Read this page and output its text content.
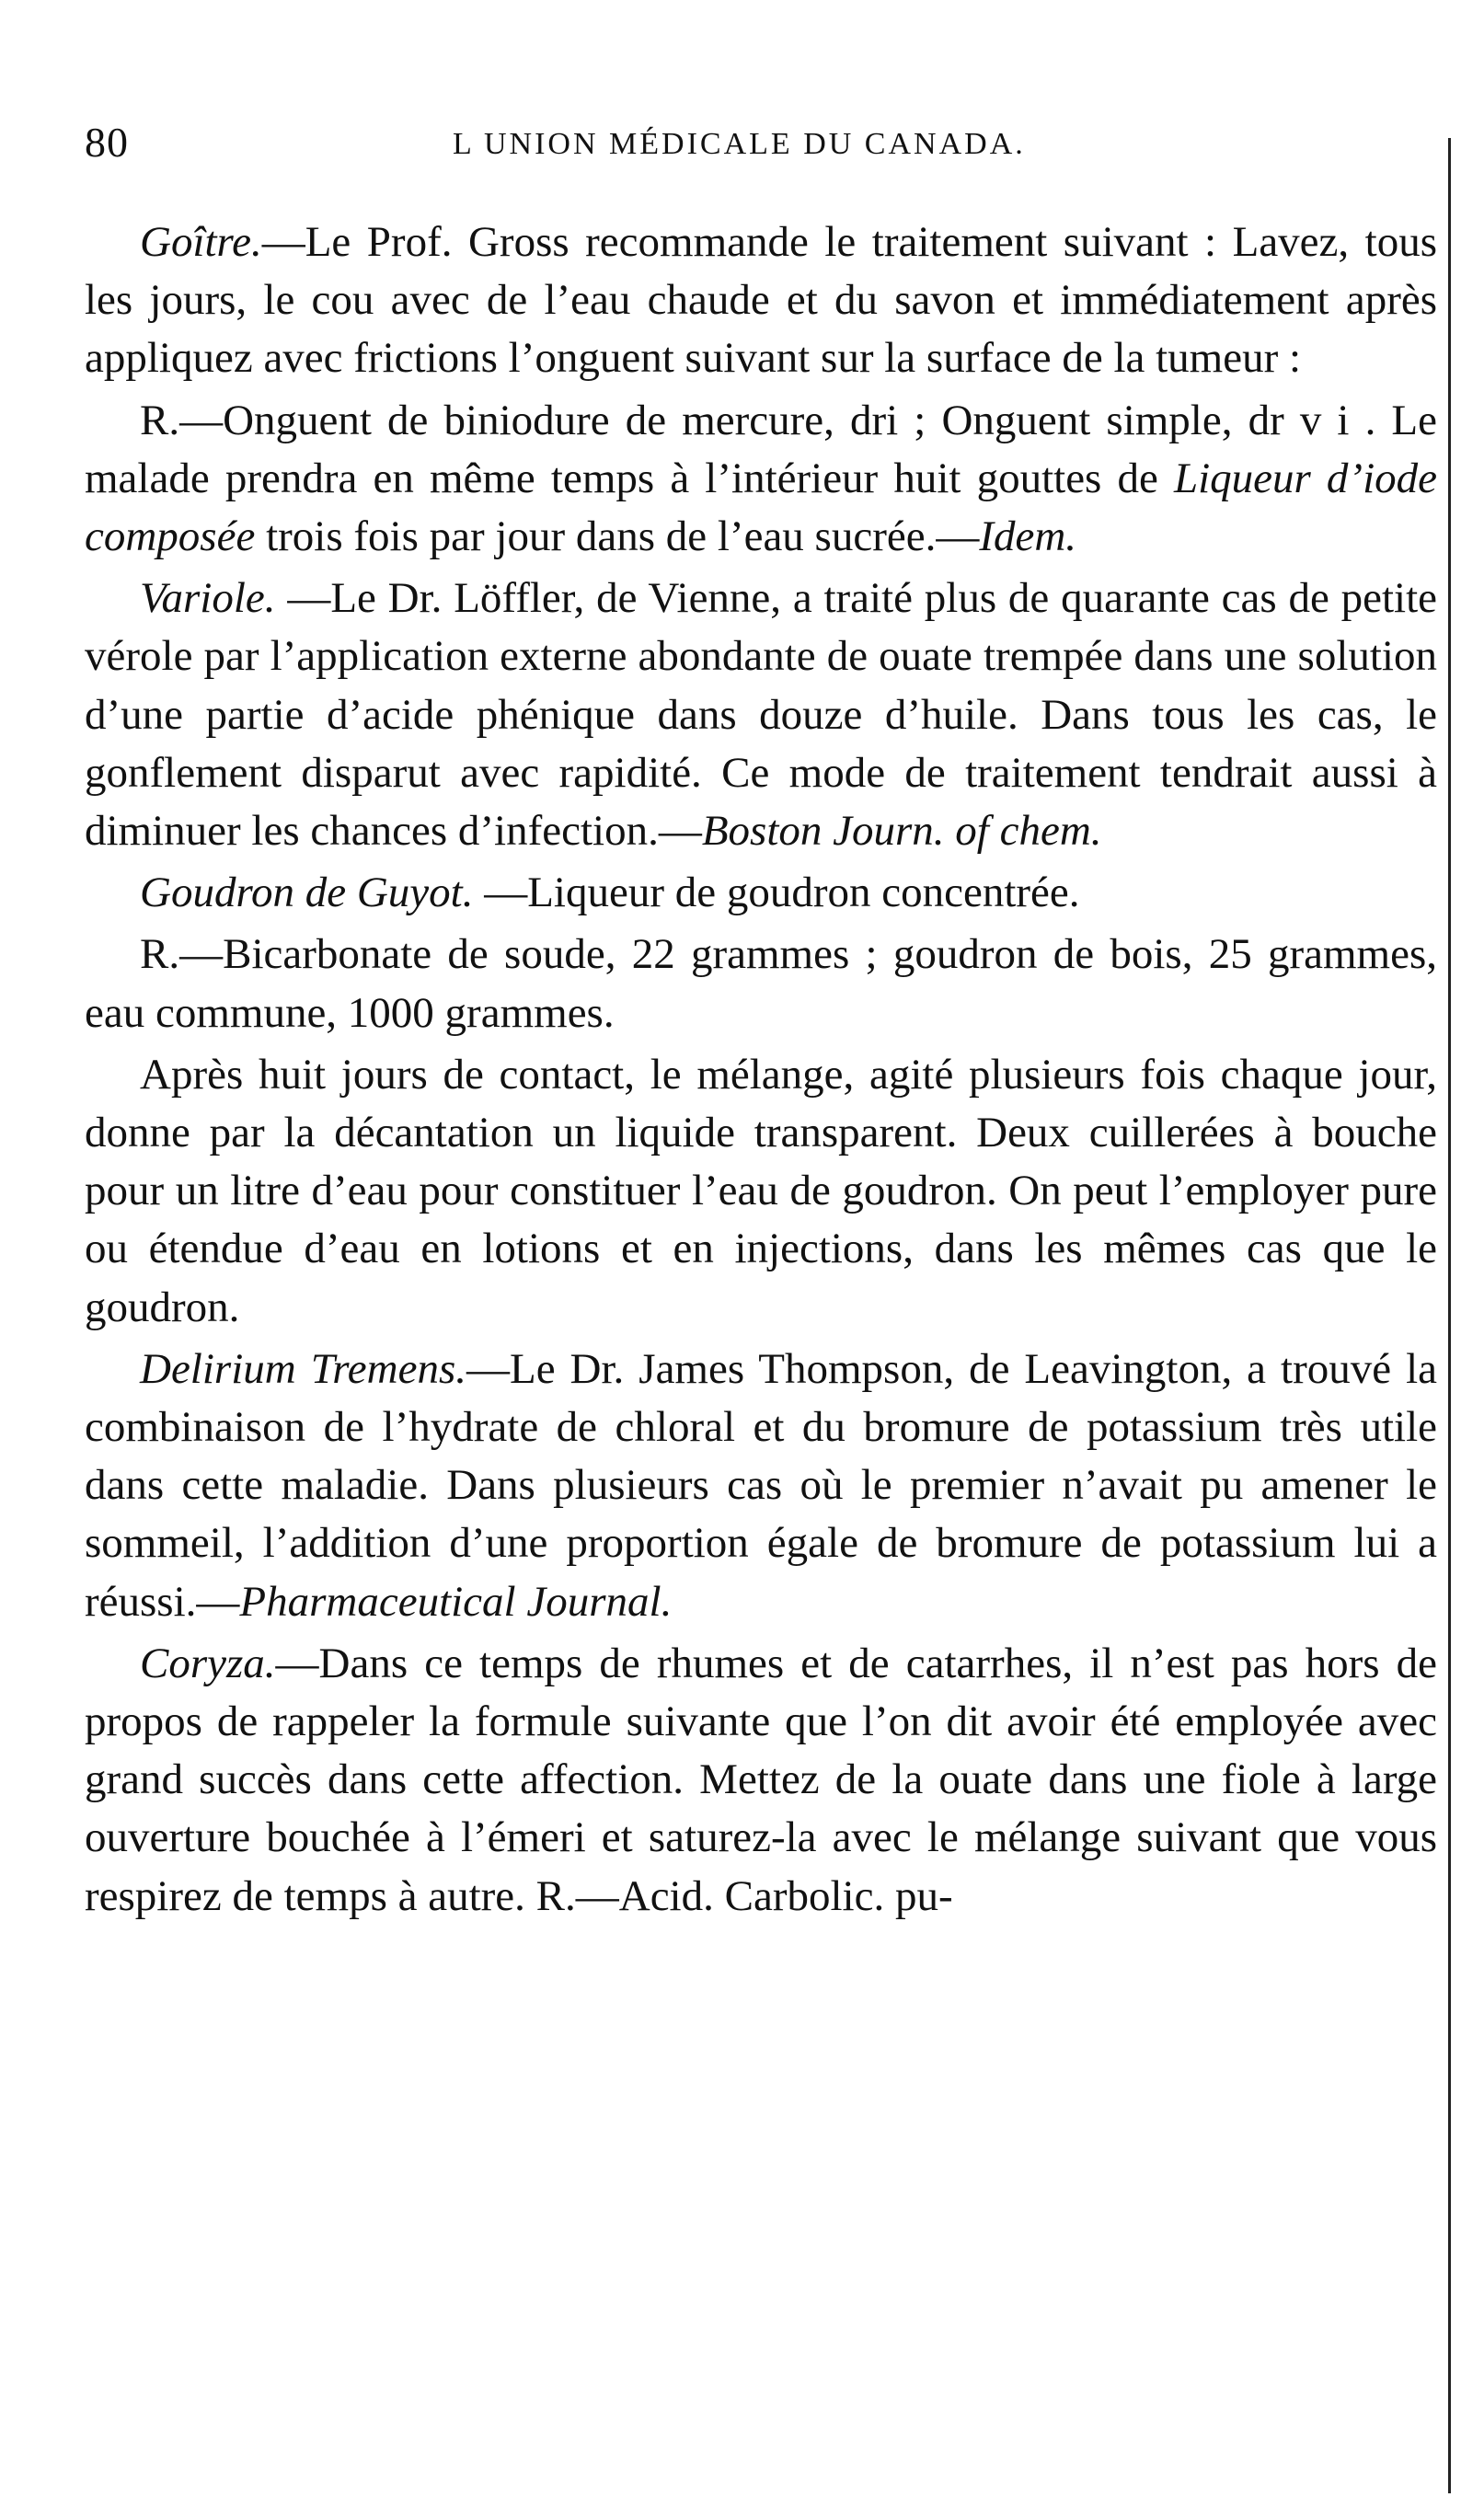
80	L UNION MÉDICALE DU CANADA.

Goître.—Le Prof. Gross recommande le traitement suivant : Lavez, tous les jours, le cou avec de l’eau chaude et du savon et immédiatement après appliquez avec frictions l’onguent suivant sur la surface de la tumeur :

R.—Onguent de biniodure de mercure, dri ; Onguent simple, dr v i . Le malade prendra en même temps à l’intérieur huit gouttes de Liqueur d’iode composée trois fois par jour dans de l’eau sucrée.—Idem.

Variole. —Le Dr. Löffler, de Vienne, a traité plus de quarante cas de petite vérole par l’application externe abondante de ouate trempée dans une solution d’une partie d’acide phénique dans douze d’huile. Dans tous les cas, le gonflement disparut avec rapidité. Ce mode de traitement tendrait aussi à diminuer les chances d’infection.—Boston Journ. of chem.

Goudron de Guyot. —Liqueur de goudron concentrée.

R.—Bicarbonate de soude, 22 grammes ; goudron de bois, 25 grammes, eau commune, 1000 grammes.

Après huit jours de contact, le mélange, agité plusieurs fois chaque jour, donne par la décantation un liquide transparent. Deux cuillerées à bouche pour un litre d’eau pour constituer l’eau de goudron. On peut l’employer pure ou étendue d’eau en lotions et en injections, dans les mêmes cas que le goudron.

Delirium Tremens.—Le Dr. James Thompson, de Leavington, a trouvé la combinaison de l’hydrate de chloral et du bromure de potassium très utile dans cette maladie. Dans plusieurs cas où le premier n’avait pu amener le sommeil, l’addition d’une proportion égale de bromure de potassium lui a réussi.—Pharmaceutical Journal.

Coryza.—Dans ce temps de rhumes et de catarrhes, il n’est pas hors de propos de rappeler la formule suivante que l’on dit avoir été employée avec grand succès dans cette affection. Mettez de la ouate dans une fiole à large ouverture bouchée à l’émeri et saturez-la avec le mélange suivant que vous respirez de temps à autre. R.—Acid. Carbolic. pu-
